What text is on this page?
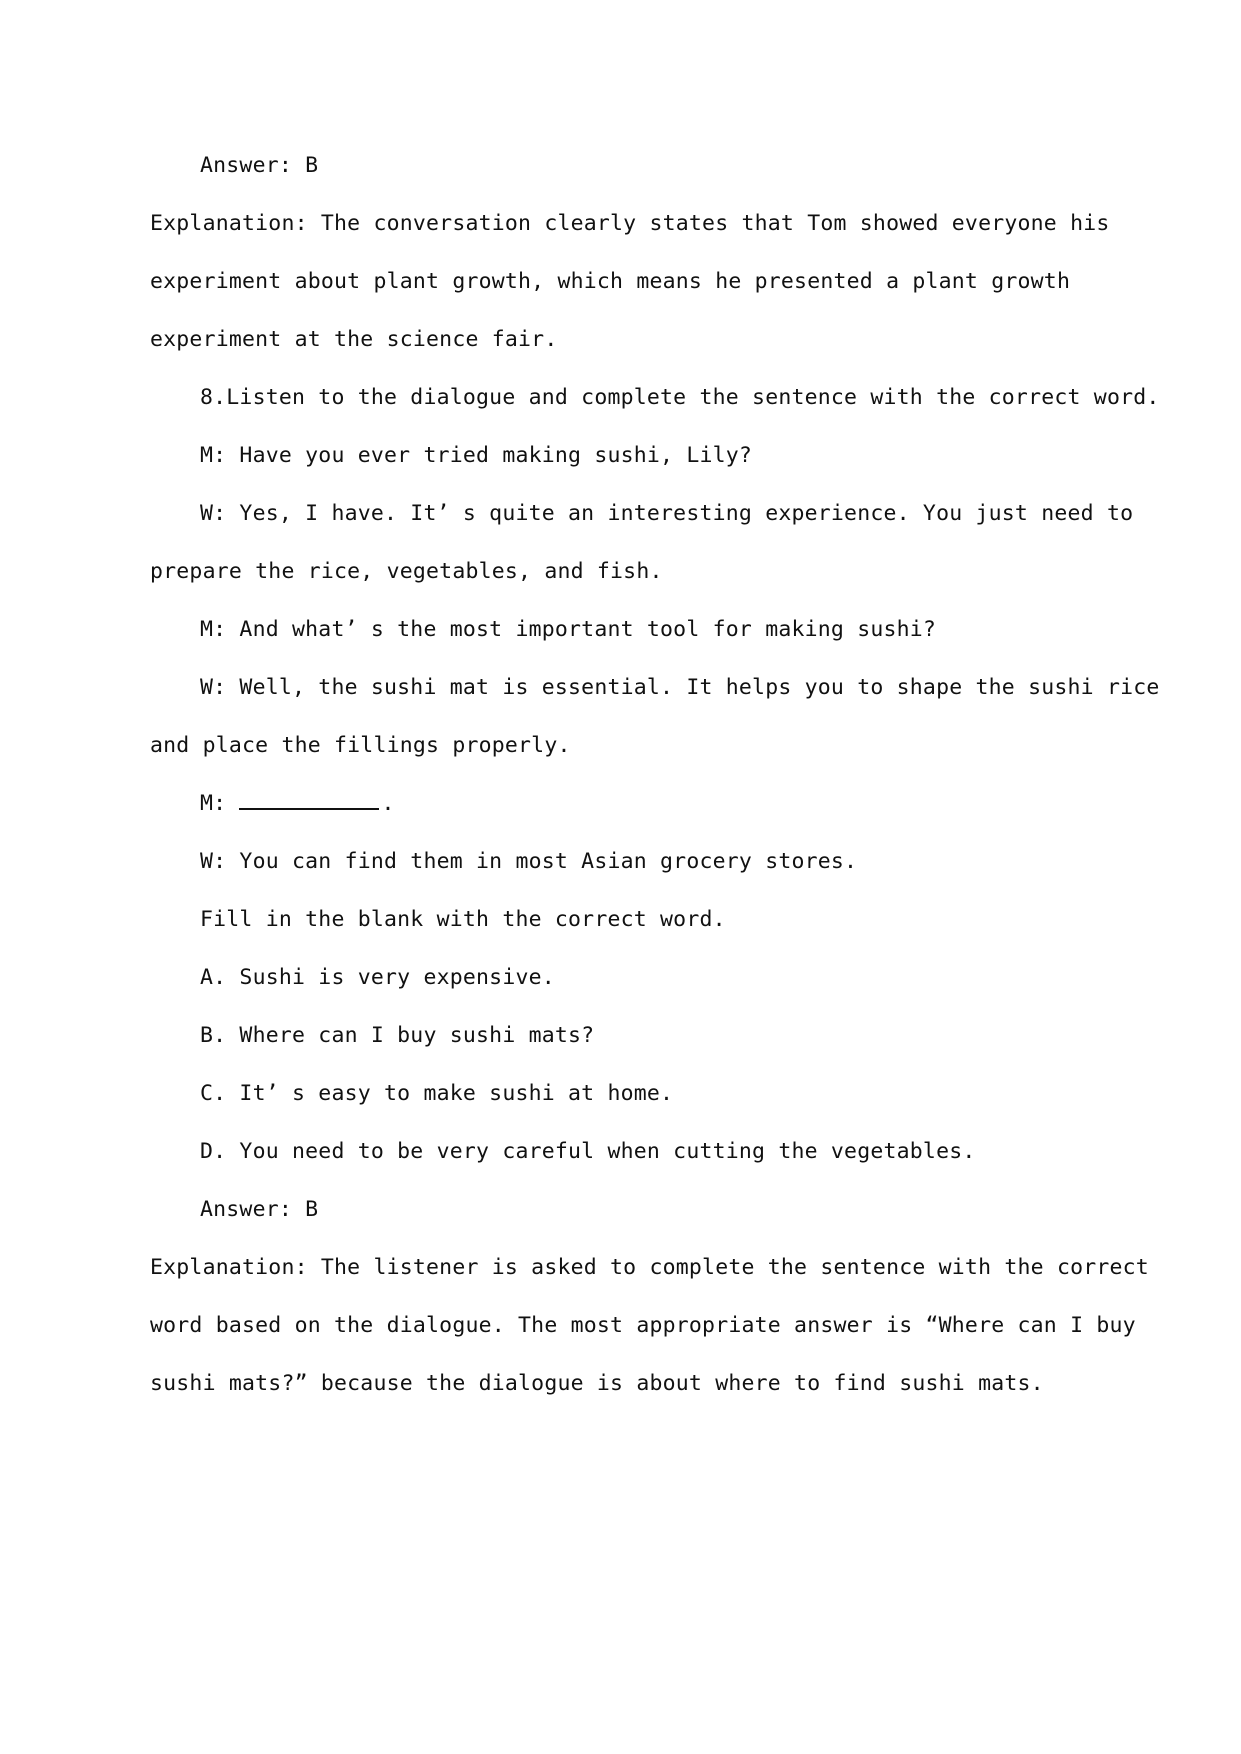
Answer: B
Explanation: The conversation clearly states that Tom showed everyone his
experiment about plant growth, which means he presented a plant growth
experiment at the science fair.
8.Listen to the dialogue and complete the sentence with the correct word.
M: Have you ever tried making sushi, Lily?
W: Yes, I have. It’ s quite an interesting experience. You just need to
prepare the rice, vegetables, and fish.
M: And what’ s the most important tool for making sushi?
W: Well, the sushi mat is essential. It helps you to shape the sushi rice
and place the fillings properly.
M:	.
W: You can find them in most Asian grocery stores.
Fill in the blank with the correct word.
A. Sushi is very expensive.
B. Where can I buy sushi mats?
C. It’ s easy to make sushi at home.
D. You need to be very careful when cutting the vegetables.
Answer: B
Explanation: The listener is asked to complete the sentence with the correct
word based on the dialogue. The most appropriate answer is “Where can I buy
sushi mats?” because the dialogue is about where to find sushi mats.
